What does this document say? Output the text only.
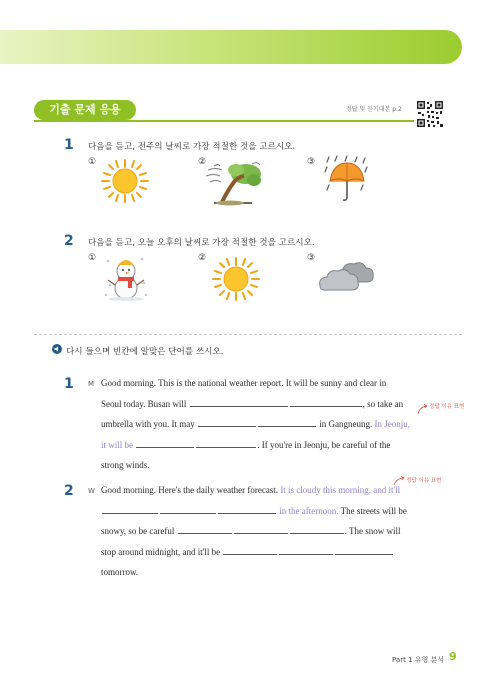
기출 문제 응용	정답 및 듣기대본 p.2
1 다음을 듣고, 전주의 날씨로 가장 적절한 것을 고르시오.
①	②	③
2 다음을 듣고, 오늘 오후의 날씨로 가장 적절한 것을 고르시오.
①	②	③
다시 들으며 빈칸에 알맞은 단어를 쓰시오.
1 M Good morning. This is the national weather report. It will be sunny and clear in
Seoul today. Busan will	, so take an
umbrella with you. It may	in Gangneung. In Jeonju,
it will be	. If you're in Jeonju, be careful of the
strong winds.
정답 이유 표현
2 W Good morning. Here's the daily weather forecast. It is cloudy this morning, and it'll
in the afternoon. The streets will be
snowy, so be careful	. The snow will
stop around midnight, and it'll be
tomorrow.
정답 이유 표현
Part 1 유형 분석 9
